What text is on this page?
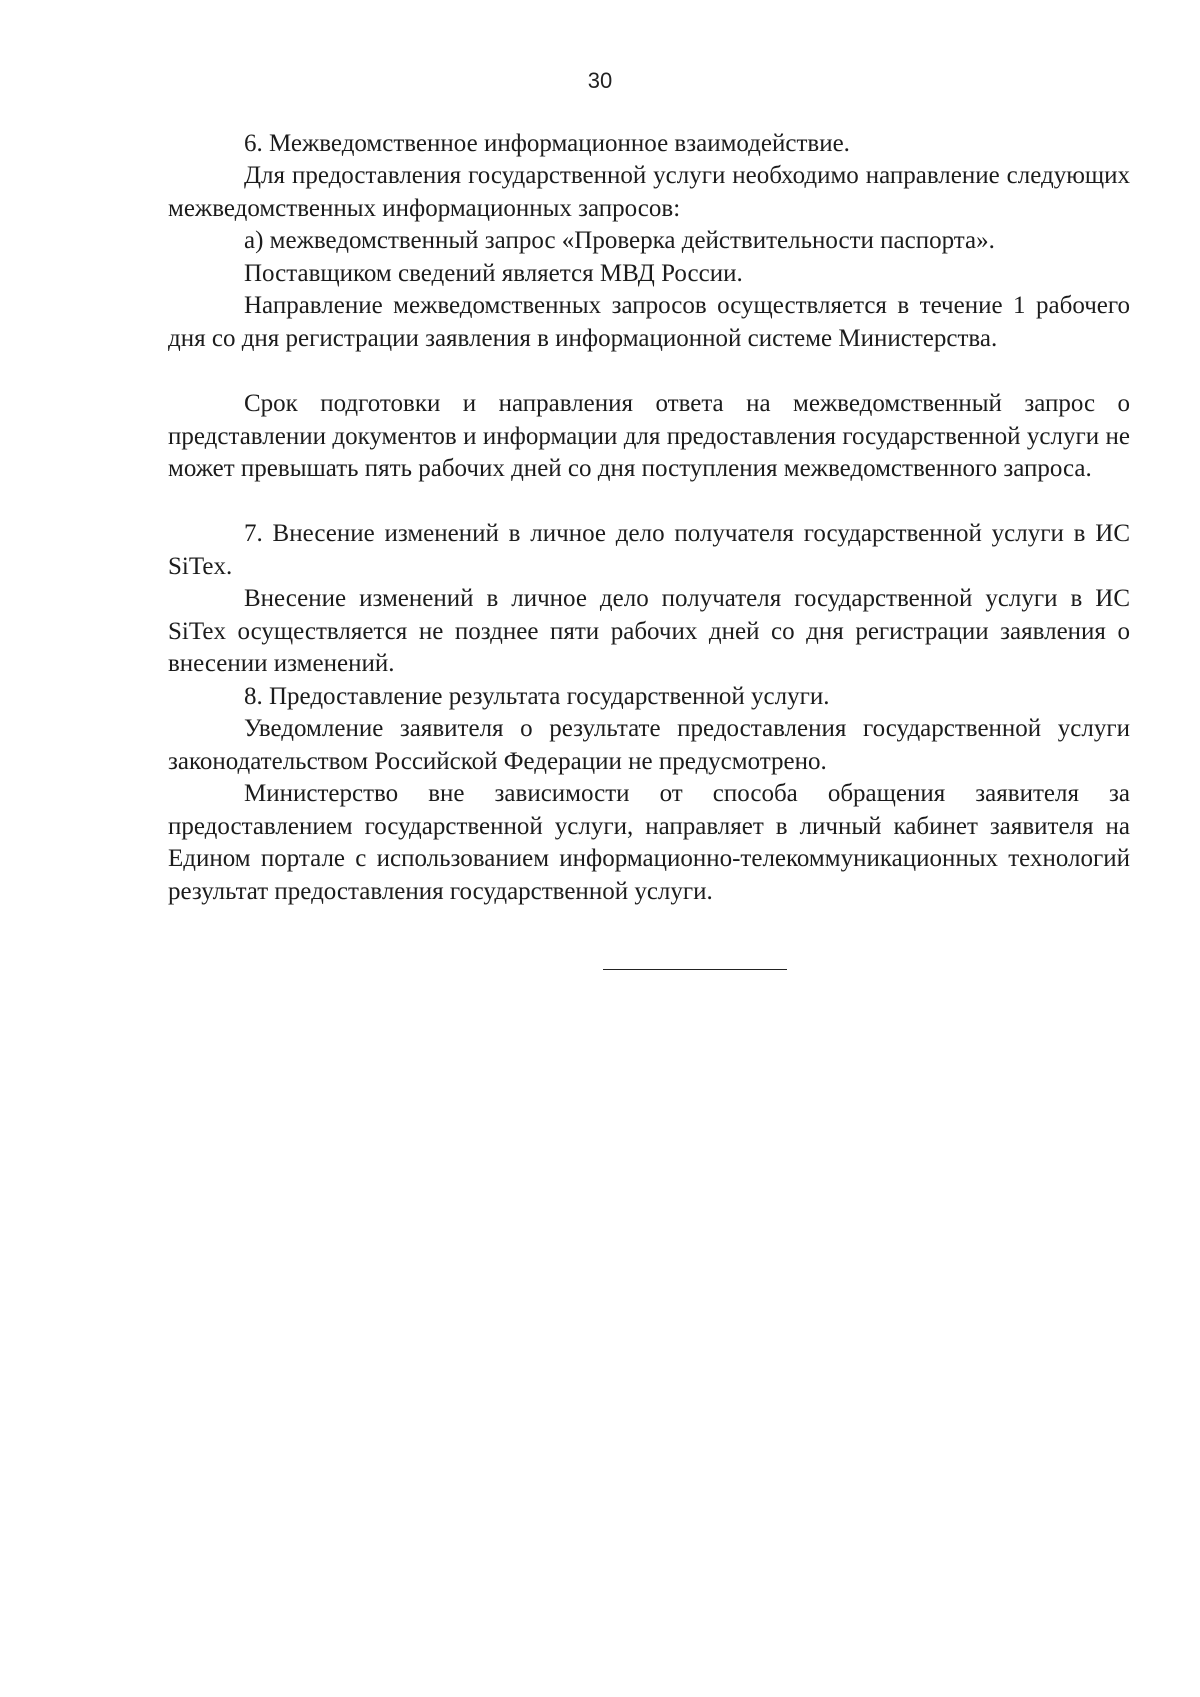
30

6. Межведомственное информационное взаимодействие.

Для предоставления государственной услуги необходимо направление следующих межведомственных информационных запросов:

а) межведомственный запрос «Проверка действительности паспорта».

Поставщиком сведений является МВД России.

Направление межведомственных запросов осуществляется в течение 1 рабочего дня со дня регистрации заявления в информационной системе Министерства.

Срок подготовки и направления ответа на межведомственный запрос о представлении документов и информации для предоставления государственной услуги не может превышать пять рабочих дней со дня поступления межведомственного запроса.

7. Внесение изменений в личное дело получателя государственной услуги в ИС SiTex.

Внесение изменений в личное дело получателя государственной услуги в ИС SiTex осуществляется не позднее пяти рабочих дней со дня регистрации заявления о внесении изменений.

8. Предоставление результата государственной услуги.

Уведомление заявителя о результате предоставления государственной услуги законодательством Российской Федерации не предусмотрено.

Министерство вне зависимости от способа обращения заявителя за предоставлением государственной услуги, направляет в личный кабинет заявителя на Едином портале с использованием информационно-телекоммуникационных технологий результат предоставления государственной услуги.
